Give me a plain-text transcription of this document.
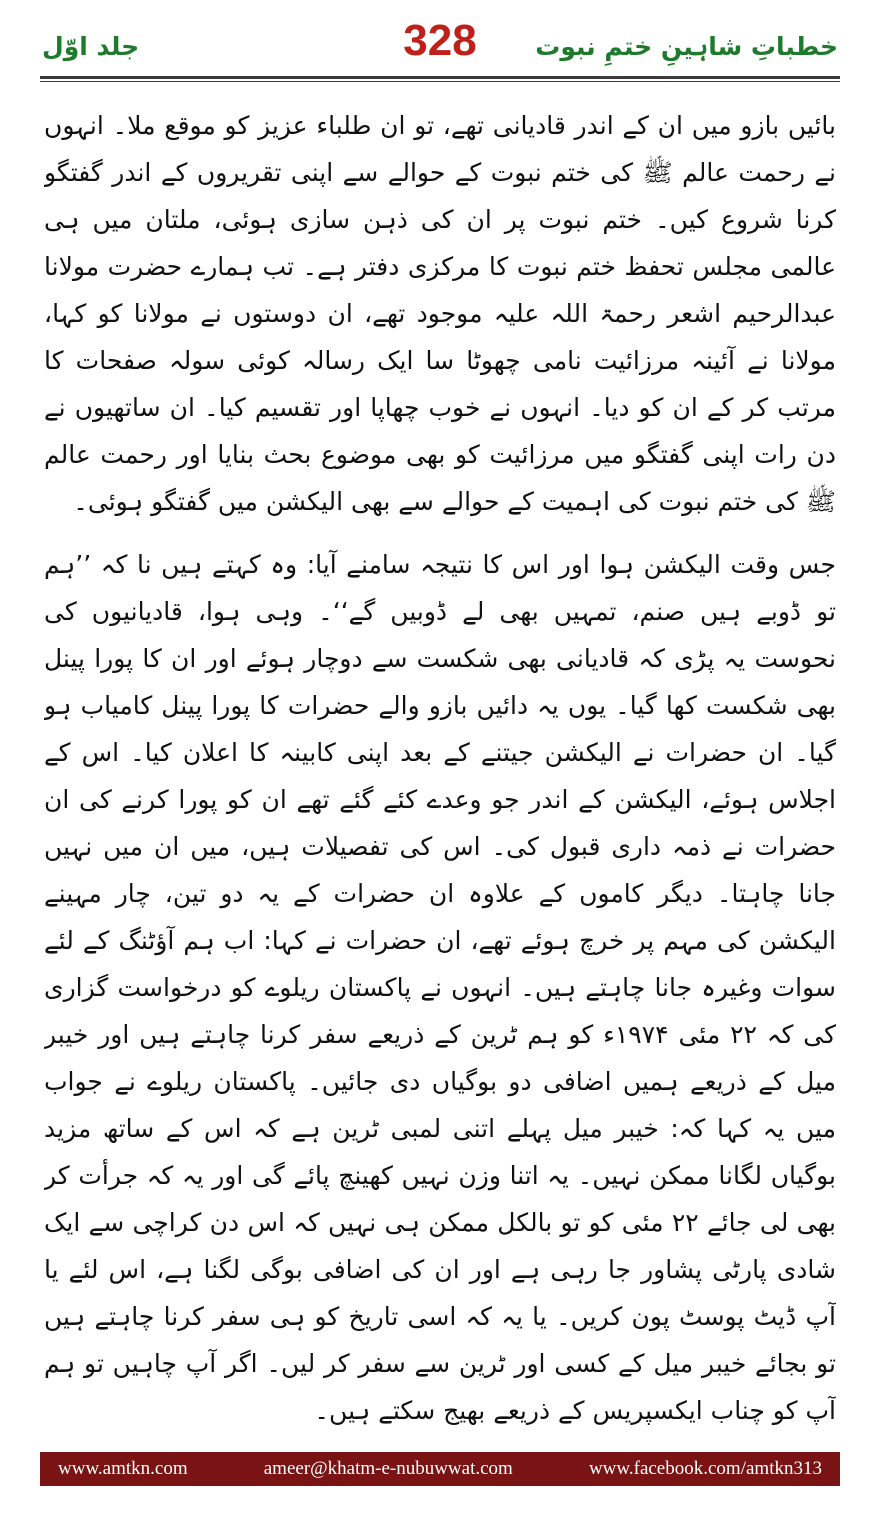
جلد اوّل	328	خطباتِ شاہینِ ختمِ نبوت

بائیں بازو میں ان کے اندر قادیانی تھے، تو ان طلباء عزیز کو موقع ملا۔ انہوں نے رحمت عالم ﷺ کی ختم نبوت کے حوالے سے اپنی تقریروں کے اندر گفتگو کرنا شروع کیں۔ ختم نبوت پر ان کی ذہن سازی ہوئی، ملتان میں ہی عالمی مجلس تحفظ ختم نبوت کا مرکزی دفتر ہے۔ تب ہمارے حضرت مولانا عبدالرحیم اشعر رحمۃ اللہ علیہ موجود تھے، ان دوستوں نے مولانا کو کہا، مولانا نے آئینہ مرزائیت نامی چھوٹا سا ایک رسالہ کوئی سولہ صفحات کا مرتب کر کے ان کو دیا۔ انہوں نے خوب چھاپا اور تقسیم کیا۔ ان ساتھیوں نے دن رات اپنی گفتگو میں مرزائیت کو بھی موضوع بحث بنایا اور رحمت عالم ﷺ کی ختم نبوت کی اہمیت کے حوالے سے بھی الیکشن میں گفتگو ہوئی۔

جس وقت الیکشن ہوا اور اس کا نتیجہ سامنے آیا: وہ کہتے ہیں نا کہ ’’ہم تو ڈوبے ہیں صنم، تمہیں بھی لے ڈوبیں گے‘‘۔ وہی ہوا، قادیانیوں کی نحوست یہ پڑی کہ قادیانی بھی شکست سے دوچار ہوئے اور ان کا پورا پینل بھی شکست کھا گیا۔ یوں یہ دائیں بازو والے حضرات کا پورا پینل کامیاب ہو گیا۔ ان حضرات نے الیکشن جیتنے کے بعد اپنی کابینہ کا اعلان کیا۔ اس کے اجلاس ہوئے، الیکشن کے اندر جو وعدے کئے گئے تھے ان کو پورا کرنے کی ان حضرات نے ذمہ داری قبول کی۔ اس کی تفصیلات ہیں، میں ان میں نہیں جانا چاہتا۔ دیگر کاموں کے علاوہ ان حضرات کے یہ دو تین، چار مہینے الیکشن کی مہم پر خرچ ہوئے تھے، ان حضرات نے کہا: اب ہم آؤٹنگ کے لئے سوات وغیرہ جانا چاہتے ہیں۔ انہوں نے پاکستان ریلوے کو درخواست گزاری کی کہ ۲۲ مئی ۱۹۷۴ء کو ہم ٹرین کے ذریعے سفر کرنا چاہتے ہیں اور خیبر میل کے ذریعے ہمیں اضافی دو بوگیاں دی جائیں۔ پاکستان ریلوے نے جواب میں یہ کہا کہ: خیبر میل پہلے اتنی لمبی ٹرین ہے کہ اس کے ساتھ مزید بوگیاں لگانا ممکن نہیں۔ یہ اتنا وزن نہیں کھینچ پائے گی اور یہ کہ جرأت کر بھی لی جائے ۲۲ مئی کو تو بالکل ممکن ہی نہیں کہ اس دن کراچی سے ایک شادی پارٹی پشاور جا رہی ہے اور ان کی اضافی بوگی لگنا ہے، اس لئے یا آپ ڈیٹ پوسٹ پون کریں۔ یا یہ کہ اسی تاریخ کو ہی سفر کرنا چاہتے ہیں تو بجائے خیبر میل کے کسی اور ٹرین سے سفر کر لیں۔ اگر آپ چاہیں تو ہم آپ کو چناب ایکسپریس کے ذریعے بھیج سکتے ہیں۔

www.amtkn.com	ameer@khatm-e-nubuwwat.com	www.facebook.com/amtkn313
